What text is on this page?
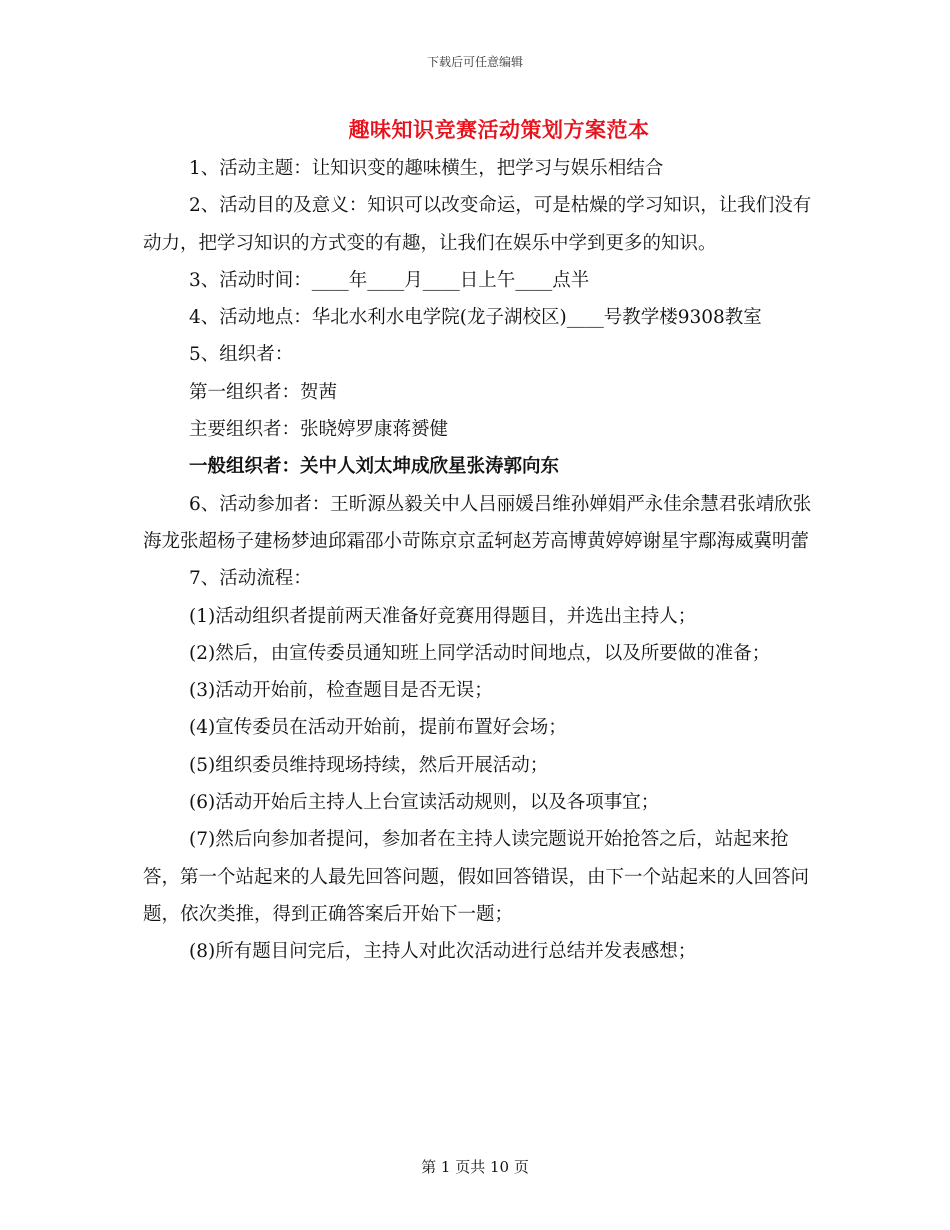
下载后可任意编辑
趣味知识竞赛活动策划方案范本

1、活动主题：让知识变的趣味横生，把学习与娱乐相结合

2、活动目的及意义：知识可以改变命运，可是枯燥的学习知识，让我们没有动力，把学习知识的方式变的有趣，让我们在娱乐中学到更多的知识。

3、活动时间：____年____月____日上午____点半

4、活动地点：华北水利水电学院(龙子湖校区)____号教学楼9308教室

5、组织者：

第一组织者：贺茜

主要组织者：张晓婷罗康蒋赟健

一般组织者：关中人刘太坤成欣星张涛郭向东

6、活动参加者：王昕源丛毅关中人吕丽媛吕维孙婵娟严永佳余慧君张靖欣张海龙张超杨子建杨梦迪邱霜邵小苛陈京京孟轲赵芳高博黄婷婷谢星宇鄢海威冀明蕾

7、活动流程：

(1)活动组织者提前两天准备好竞赛用得题目，并选出主持人；

(2)然后，由宣传委员通知班上同学活动时间地点，以及所要做的准备；

(3)活动开始前，检查题目是否无误；

(4)宣传委员在活动开始前，提前布置好会场；

(5)组织委员维持现场持续，然后开展活动；

(6)活动开始后主持人上台宣读活动规则，以及各项事宜；

(7)然后向参加者提问，参加者在主持人读完题说开始抢答之后，站起来抢答，第一个站起来的人最先回答问题，假如回答错误，由下一个站起来的人回答问题，依次类推，得到正确答案后开始下一题；

(8)所有题目问完后，主持人对此次活动进行总结并发表感想；

第 1 页共 10 页
